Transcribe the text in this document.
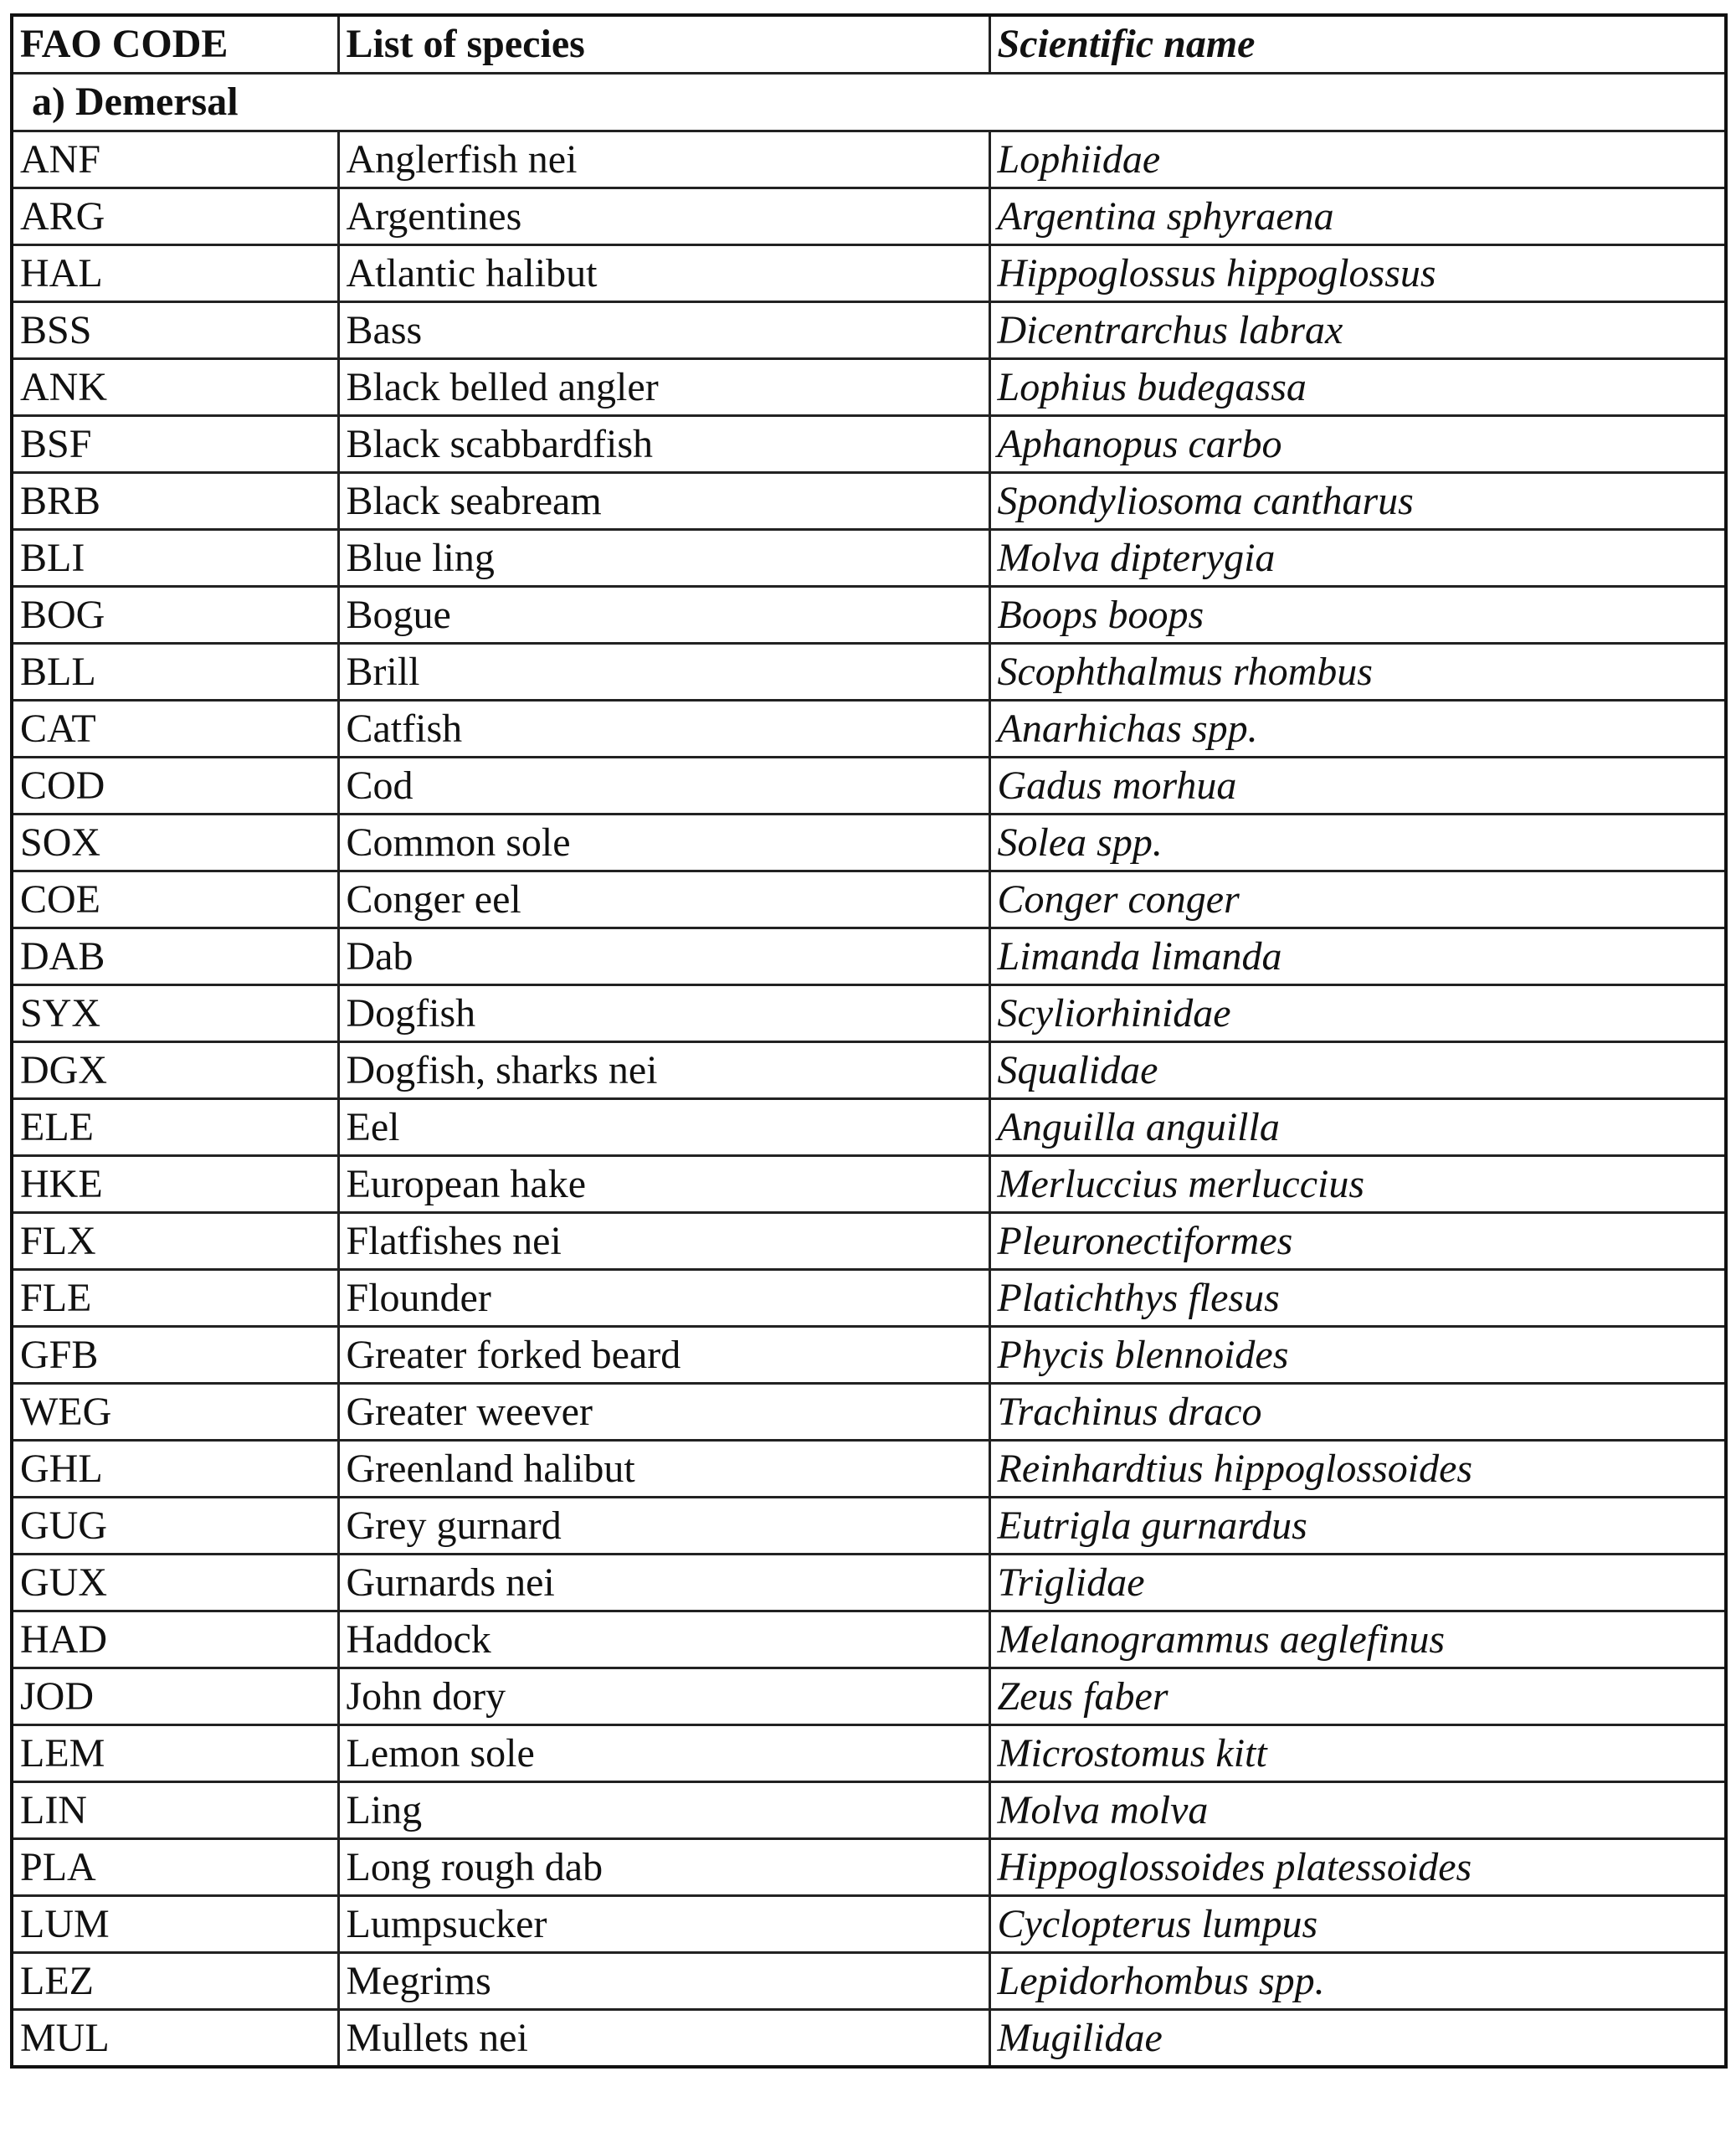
FAO CODE	List of species	Scientific name
a) Demersal		
ANF	Anglerfish nei	Lophiidae
ARG	Argentines	Argentina sphyraena
HAL	Atlantic halibut	Hippoglossus hippoglossus
BSS	Bass	Dicentrarchus labrax
ANK	Black belled angler	Lophius budegassa
BSF	Black scabbardfish	Aphanopus carbo
BRB	Black seabream	Spondyliosoma cantharus
BLI	Blue ling	Molva dipterygia
BOG	Bogue	Boops boops
BLL	Brill	Scophthalmus rhombus
CAT	Catfish	Anarhichas spp.
COD	Cod	Gadus morhua
SOX	Common sole	Solea spp.
COE	Conger eel	Conger conger
DAB	Dab	Limanda limanda
SYX	Dogfish	Scyliorhinidae
DGX	Dogfish, sharks nei	Squalidae
ELE	Eel	Anguilla anguilla
HKE	European hake	Merluccius merluccius
FLX	Flatfishes nei	Pleuronectiformes
FLE	Flounder	Platichthys flesus
GFB	Greater forked beard	Phycis blennoides
WEG	Greater weever	Trachinus draco
GHL	Greenland halibut	Reinhardtius hippoglossoides
GUG	Grey gurnard	Eutrigla gurnardus
GUX	Gurnards nei	Triglidae
HAD	Haddock	Melanogrammus aeglefinus
JOD	John dory	Zeus faber
LEM	Lemon sole	Microstomus kitt
LIN	Ling	Molva molva
PLA	Long rough dab	Hippoglossoides platessoides
LUM	Lumpsucker	Cyclopterus lumpus
LEZ	Megrims	Lepidorhombus spp.
MUL	Mullets nei	Mugilidae
